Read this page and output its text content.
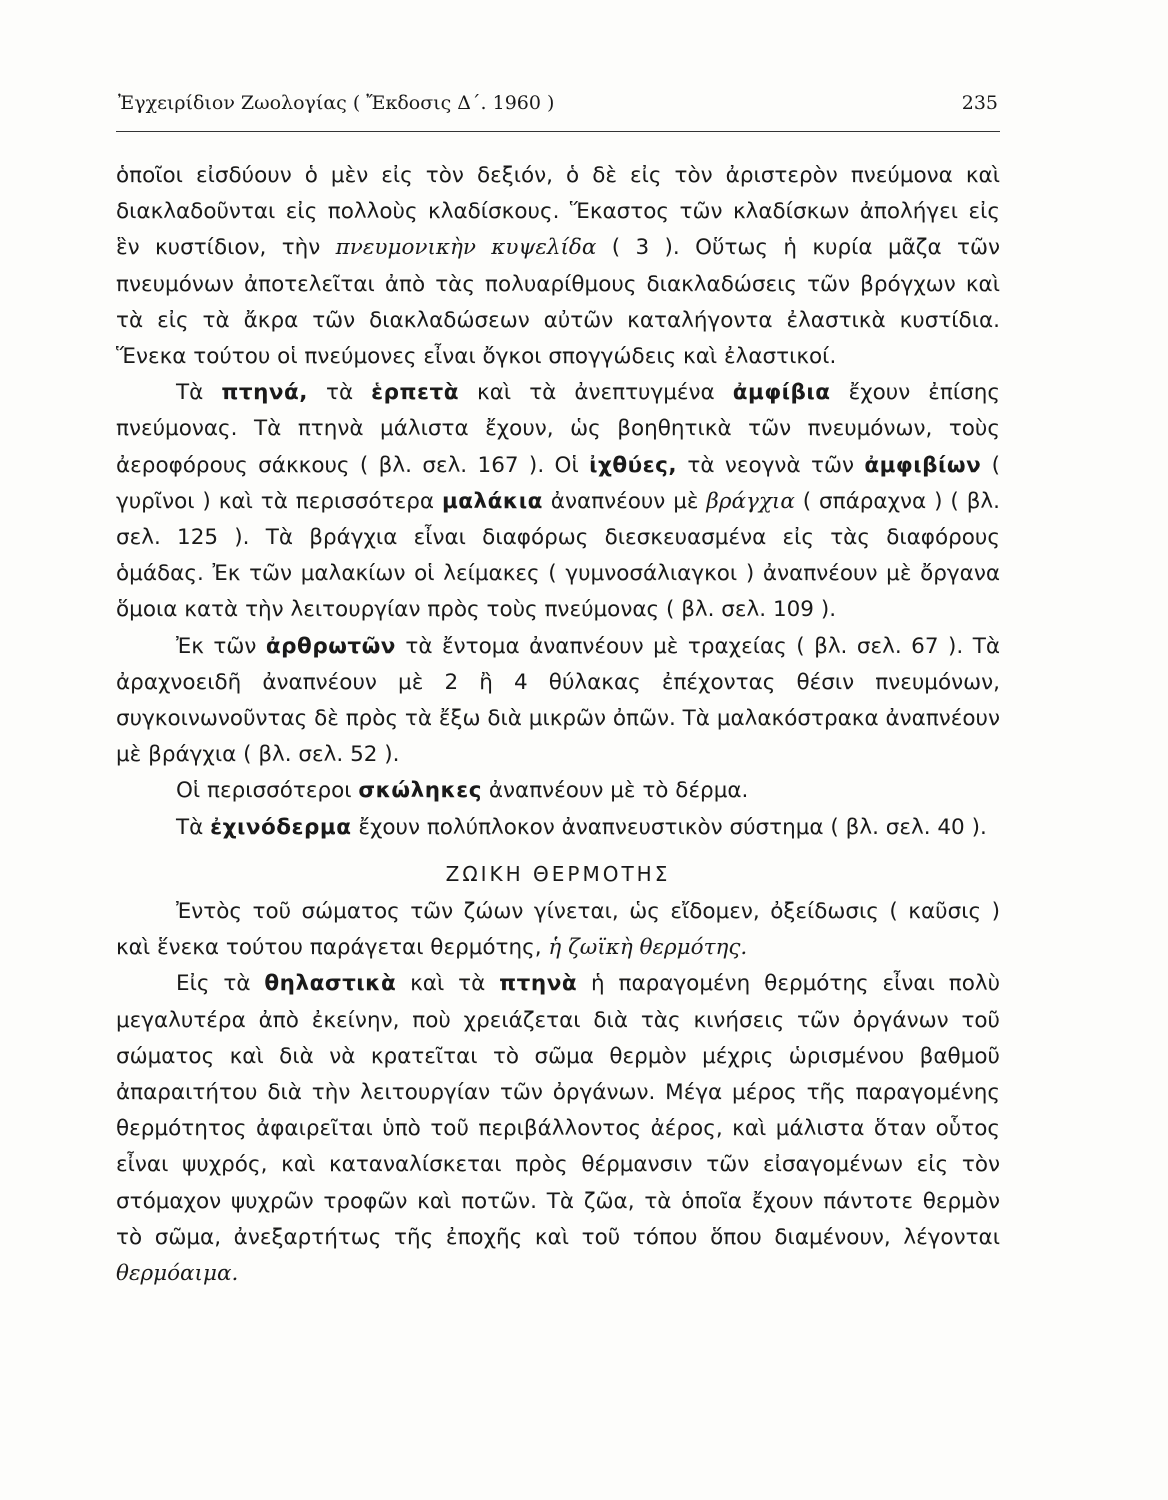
Ἐγχειρίδιον Ζωολογίας ( Ἔκδοσις Δ΄. 1960 )	235

ὁποῖοι εἰσδύουν ὁ μὲν εἰς τὸν δεξιόν, ὁ δὲ εἰς τὸν ἀριστερὸν πνεύμονα καὶ διακλαδοῦνται εἰς πολλοὺς κλαδίσκους. Ἕκαστος τῶν κλαδίσκων ἀπολήγει εἰς ἓν κυστίδιον, τὴν πνευμονικὴν κυψελίδα ( 3 ). Οὕτως ἡ κυρία μᾶζα τῶν πνευμόνων ἀποτελεῖται ἀπὸ τὰς πολυαρίθμους διακλαδώσεις τῶν βρόγχων καὶ τὰ εἰς τὰ ἄκρα τῶν διακλαδώσεων αὐτῶν καταλήγοντα ἐλαστικὰ κυστίδια. Ἕνεκα τούτου οἱ πνεύμονες εἶναι ὄγκοι σπογγώδεις καὶ ἐλαστικοί.

Τὰ πτηνά, τὰ ἑρπετὰ καὶ τὰ ἀνεπτυγμένα ἀμφίβια ἔχουν ἐπίσης πνεύμονας. Τὰ πτηνὰ μάλιστα ἔχουν, ὡς βοηθητικὰ τῶν πνευμόνων, τοὺς ἀεροφόρους σάκκους ( βλ. σελ. 167 ). Οἱ ἰχθύες, τὰ νεογνὰ τῶν ἀμφιβίων ( γυρῖνοι ) καὶ τὰ περισσότερα μαλάκια ἀναπνέουν μὲ βράγχια ( σπάραχνα ) ( βλ. σελ. 125 ). Τὰ βράγχια εἶναι διαφόρως διεσκευασμένα εἰς τὰς διαφόρους ὁμάδας. Ἐκ τῶν μαλακίων οἱ λείμακες ( γυμνοσάλιαγκοι ) ἀναπνέουν μὲ ὄργανα ὅμοια κατὰ τὴν λειτουργίαν πρὸς τοὺς πνεύμονας ( βλ. σελ. 109 ).

Ἐκ τῶν ἀρθρωτῶν τὰ ἔντομα ἀναπνέουν μὲ τραχείας ( βλ. σελ. 67 ). Τὰ ἀραχνοειδῆ ἀναπνέουν μὲ 2 ἢ 4 θύλακας ἐπέχοντας θέσιν πνευμόνων, συγκοινωνοῦντας δὲ πρὸς τὰ ἔξω διὰ μικρῶν ὀπῶν. Τὰ μαλακόστρακα ἀναπνέουν μὲ βράγχια ( βλ. σελ. 52 ).

Οἱ περισσότεροι σκώληκες ἀναπνέουν μὲ τὸ δέρμα.

Τὰ ἐχινόδερμα ἔχουν πολύπλοκον ἀναπνευστικὸν σύστημα ( βλ. σελ. 40 ).

ΖΩΙΚΗ ΘΕΡΜΟΤΗΣ

Ἐντὸς τοῦ σώματος τῶν ζώων γίνεται, ὡς εἴδομεν, ὀξείδωσις ( καῦσις ) καὶ ἕνεκα τούτου παράγεται θερμότης, ἡ ζωϊκὴ θερμότης.

Εἰς τὰ θηλαστικὰ καὶ τὰ πτηνὰ ἡ παραγομένη θερμότης εἶναι πολὺ μεγαλυτέρα ἀπὸ ἐκείνην, ποὺ χρειάζεται διὰ τὰς κινήσεις τῶν ὀργάνων τοῦ σώματος καὶ διὰ νὰ κρατεῖται τὸ σῶμα θερμὸν μέχρις ὡρισμένου βαθμοῦ ἀπαραιτήτου διὰ τὴν λειτουργίαν τῶν ὀργάνων. Μέγα μέρος τῆς παραγομένης θερμότητος ἀφαιρεῖται ὑπὸ τοῦ περιβάλλοντος ἀέρος, καὶ μάλιστα ὅταν οὗτος εἶναι ψυχρός, καὶ καταναλίσκεται πρὸς θέρμανσιν τῶν εἰσαγομένων εἰς τὸν στόμαχον ψυχρῶν τροφῶν καὶ ποτῶν. Τὰ ζῶα, τὰ ὁποῖα ἔχουν πάντοτε θερμὸν τὸ σῶμα, ἀνεξαρτήτως τῆς ἐποχῆς καὶ τοῦ τόπου ὅπου διαμένουν, λέγονται θερμόαιμα.
